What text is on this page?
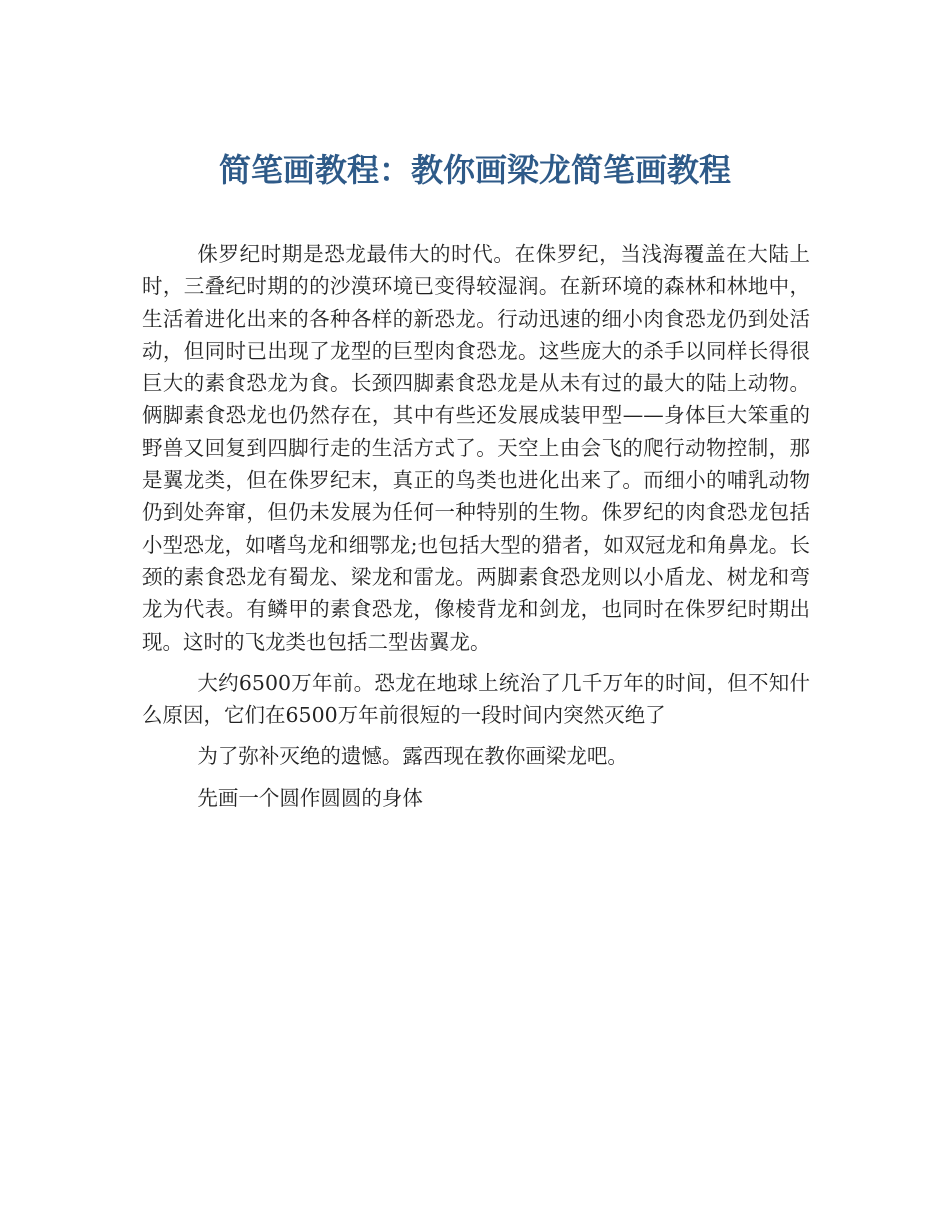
简笔画教程：教你画梁龙简笔画教程

侏罗纪时期是恐龙最伟大的时代。在侏罗纪，当浅海覆盖在大陆上时，三叠纪时期的的沙漠环境已变得较湿润。在新环境的森林和林地中，生活着进化出来的各种各样的新恐龙。行动迅速的细小肉食恐龙仍到处活动，但同时已出现了龙型的巨型肉食恐龙。这些庞大的杀手以同样长得很巨大的素食恐龙为食。长颈四脚素食恐龙是从未有过的最大的陆上动物。俩脚素食恐龙也仍然存在，其中有些还发展成装甲型——身体巨大笨重的野兽又回复到四脚行走的生活方式了。天空上由会飞的爬行动物控制，那是翼龙类，但在侏罗纪末，真正的鸟类也进化出来了。而细小的哺乳动物仍到处奔窜，但仍未发展为任何一种特别的生物。侏罗纪的肉食恐龙包括小型恐龙，如嗜鸟龙和细鄂龙;也包括大型的猎者，如双冠龙和角鼻龙。长颈的素食恐龙有蜀龙、梁龙和雷龙。两脚素食恐龙则以小盾龙、树龙和弯龙为代表。有鳞甲的素食恐龙，像棱背龙和剑龙，也同时在侏罗纪时期出现。这时的飞龙类也包括二型齿翼龙。

大约6500万年前。恐龙在地球上统治了几千万年的时间，但不知什么原因，它们在6500万年前很短的一段时间内突然灭绝了

为了弥补灭绝的遗憾。露西现在教你画梁龙吧。

先画一个圆作圆圆的身体
